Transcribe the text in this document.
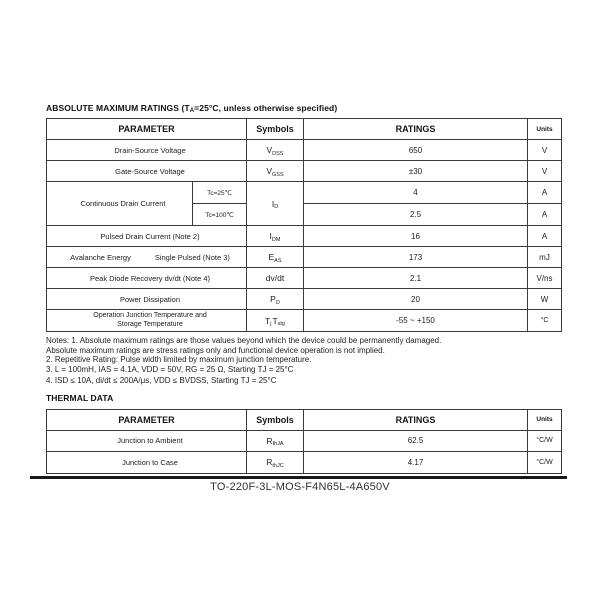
ABSOLUTE MAXIMUM RATINGS ($T_A=25^\circ C$, unless otherwise specified)
PARAMETER		Symbols	RATINGS	Units
Drain-Source Voltage		$V_{DSS}$	650	V
Gate-Source Voltage		$V_{GSS}$	±30	V
Continuous Drain Current	Tc=25℃	$I_D$	4	A
	Tc=100℃		2.5	A
Pulsed Drain Current (Note 2)		$I_{DM}$	16	A
Avalanche Energy Single Pulsed (Note 3)		$E_{AS}$	173	mJ
Peak Diode Recovery dv/dt (Note 4)		dv/dt	2.1	V/ns
Power Dissipation		$P_D$	20	W

Operation Junction Temperature and
Storage Temperature		$T_jT_{stg}$	-55 ~ +150	°C
Notes: 1. Absolute maximum ratings are those values beyond which the device could be permanently damaged.
Absolute maximum ratings are stress ratings only and functional device operation is not implied.
2. Repetitive Rating: Pulse width limited by maximum junction temperature.
3. L = 100mH, IAS = 4.1A, VDD = 50V, RG = 25 Ω, Starting TJ = 25°C
4. ISD ≤ 10A, di/dt ≤ 200A/μs, VDD ≤ BVDSS, Starting TJ = 25°C
THERMAL DATA
PARAMETER	Symbols	RATINGS	Units
Junction to Ambient	$R_{thJA}$	62.5	°C/W
Junction to Case	$R_{thJC}$	4.17	°C/W
TO-220F-3L-MOS-F4N65L-4A650V
